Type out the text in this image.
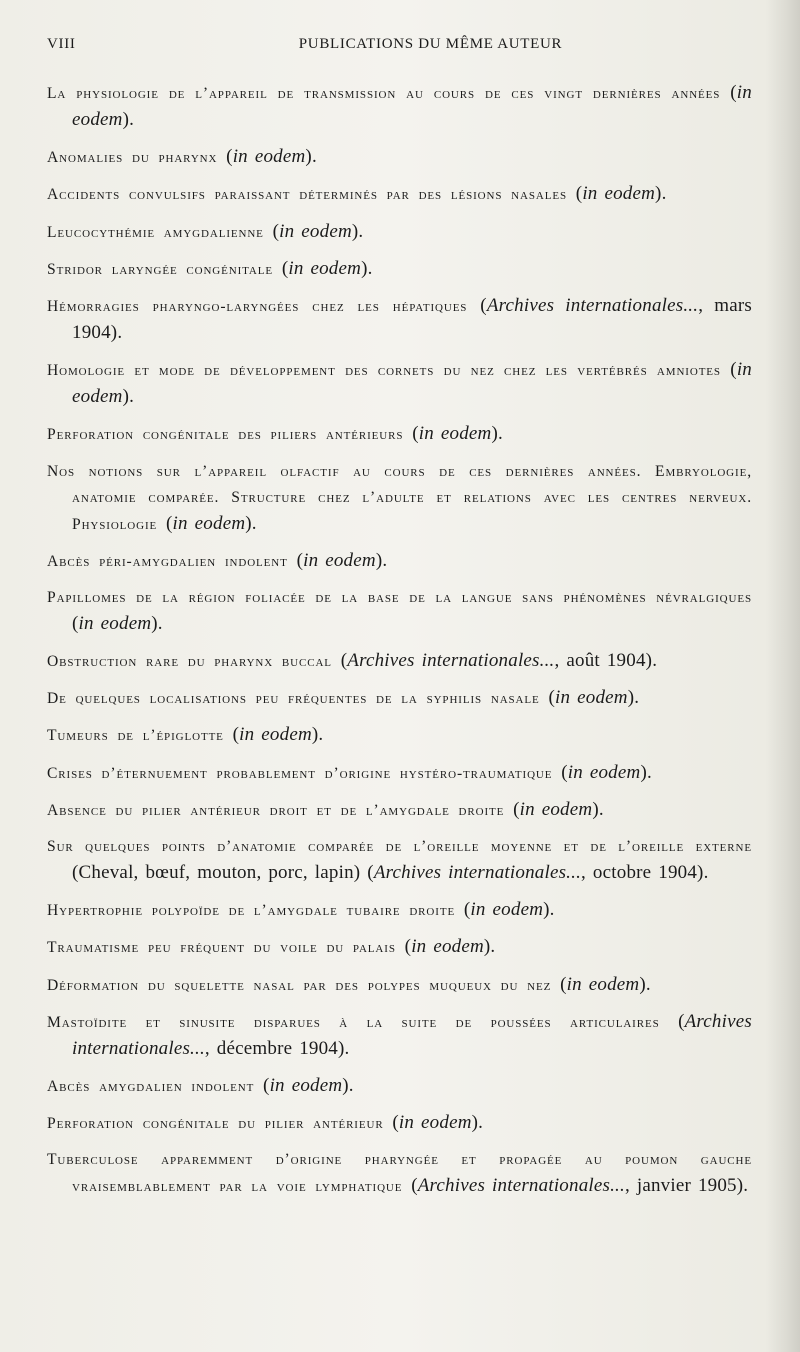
VIII	PUBLICATIONS DU MÊME AUTEUR

La physiologie de l’appareil de transmission au cours de ces vingt dernières années (in eodem).

Anomalies du pharynx (in eodem).

Accidents convulsifs paraissant déterminés par des lésions nasales (in eodem).

Leucocythémie amygdalienne (in eodem).

Stridor laryngée congénitale (in eodem).

Hémorragies pharyngo-laryngées chez les hépatiques (Archives internationales..., mars 1904).

Homologie et mode de développement des cornets du nez chez les vertébrés amniotes (in eodem).

Perforation congénitale des piliers antérieurs (in eodem).

Nos notions sur l’appareil olfactif au cours de ces dernières années. Embryologie, anatomie comparée. Structure chez l’adulte et relations avec les centres nerveux. Physiologie (in eodem).

Abcès péri-amygdalien indolent (in eodem).

Papillomes de la région foliacée de la base de la langue sans phénomènes névralgiques (in eodem).

Obstruction rare du pharynx buccal (Archives internationales..., août 1904).

De quelques localisations peu fréquentes de la syphilis nasale (in eodem).

Tumeurs de l’épiglotte (in eodem).

Crises d’éternuement probablement d’origine hystéro-traumatique (in eodem).

Absence du pilier antérieur droit et de l’amygdale droite (in eodem).

Sur quelques points d’anatomie comparée de l’oreille moyenne et de l’oreille externe (Cheval, bœuf, mouton, porc, lapin) (Archives internationales..., octobre 1904).

Hypertrophie polypoïde de l’amygdale tubaire droite (in eodem).

Traumatisme peu fréquent du voile du palais (in eodem).

Déformation du squelette nasal par des polypes muqueux du nez (in eodem).

Mastoïdite et sinusite disparues à la suite de poussées articulaires (Archives internationales..., décembre 1904).

Abcès amygdalien indolent (in eodem).

Perforation congénitale du pilier antérieur (in eodem).

Tuberculose apparemment d’origine pharyngée et propagée au poumon gauche vraisemblablement par la voie lymphatique (Archives internationales..., janvier 1905).
